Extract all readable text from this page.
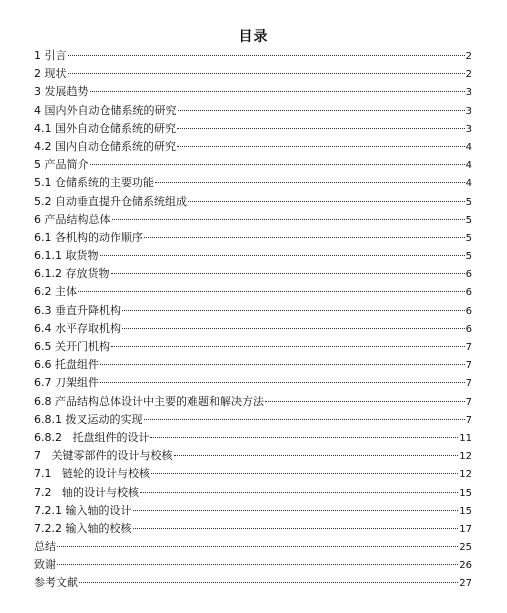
目录
1 引言	2
2 现状	2
3 发展趋势	3
4 国内外自动仓储系统的研究	3
4.1 国外自动仓储系统的研究	3
4.2 国内自动仓储系统的研究	4
5 产品简介	4
5.1 仓储系统的主要功能	4
5.2 自动垂直提升仓储系统组成	5
6 产品结构总体	5
6.1 各机构的动作顺序	5
6.1.1 取货物	5
6.1.2 存放货物	6
6.2 主体	6
6.3 垂直升降机构	6
6.4 水平存取机构	6
6.5 关开门机构	7
6.6 托盘组件	7
6.7 刀架组件	7
6.8 产品结构总体设计中主要的难题和解决方法	7
6.8.1 拨叉运动的实现	7
6.8.2   托盘组件的设计	11
7   关键零部件的设计与校核	12
7.1   链轮的设计与校核	12
7.2   轴的设计与校核	15
7.2.1 输入轴的设计	15
7.2.2 输入轴的校核	17
总结	25
致谢	26
参考文献	27
